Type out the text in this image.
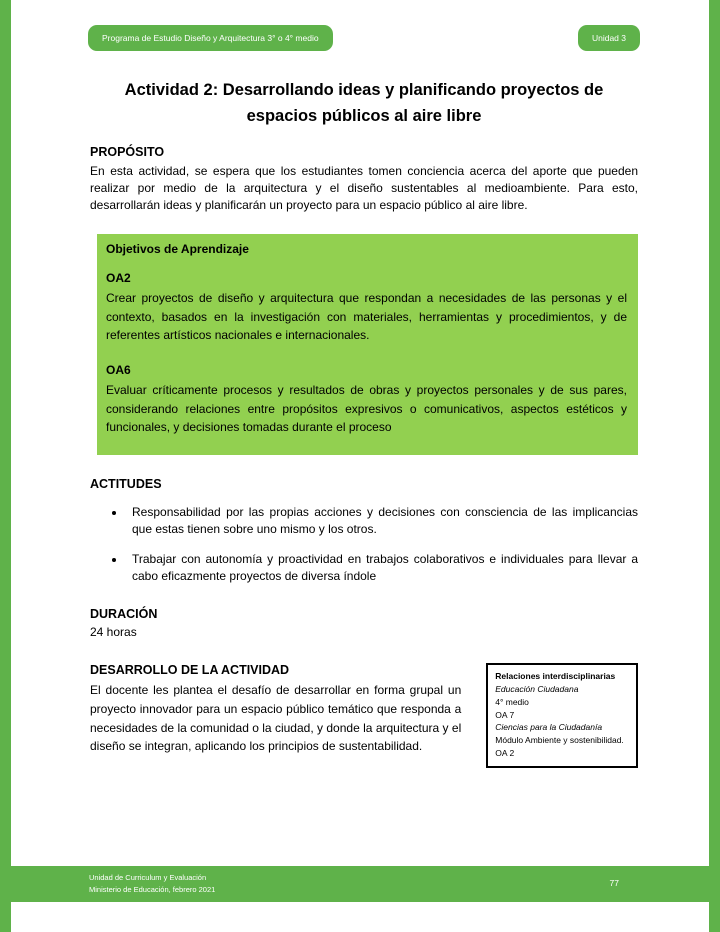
Programa de Estudio Diseño y Arquitectura 3° o 4° medio	Unidad 3
Actividad 2: Desarrollando ideas y planificando proyectos de espacios públicos al aire libre
PROPÓSITO

En esta actividad, se espera que los estudiantes tomen conciencia acerca del aporte que pueden realizar por medio de la arquitectura y el diseño sustentables al medioambiente. Para esto, desarrollarán ideas y planificarán un proyecto para un espacio público al aire libre.

Objetivos de Aprendizaje
OA2

Crear proyectos de diseño y arquitectura que respondan a necesidades de las personas y el contexto, basados en la investigación con materiales, herramientas y procedimientos, y de referentes artísticos nacionales e internacionales.

OA6

Evaluar críticamente procesos y resultados de obras y proyectos personales y de sus pares, considerando relaciones entre propósitos expresivos o comunicativos, aspectos estéticos y funcionales, y decisiones tomadas durante el proceso

ACTITUDES
• Responsabilidad por las propias acciones y decisiones con consciencia de las implicancias que estas tienen sobre uno mismo y los otros.
• Trabajar con autonomía y proactividad en trabajos colaborativos e individuales para llevar a cabo eficazmente proyectos de diversa índole
DURACIÓN

24 horas

DESARROLLO DE LA ACTIVIDAD

El docente les plantea el desafío de desarrollar en forma grupal un proyecto innovador para un espacio público temático que responda a necesidades de la comunidad o la ciudad, y donde la arquitectura y el diseño se integran, aplicando los principios de sustentabilidad.

Relaciones interdisciplinarias
Educación Ciudadana
4° medio
OA 7
Ciencias para la Ciudadanía
Módulo Ambiente y sostenibilidad.
OA 2
Unidad de Curriculum y Evaluación
Ministerio de Educación, febrero 2021
77
